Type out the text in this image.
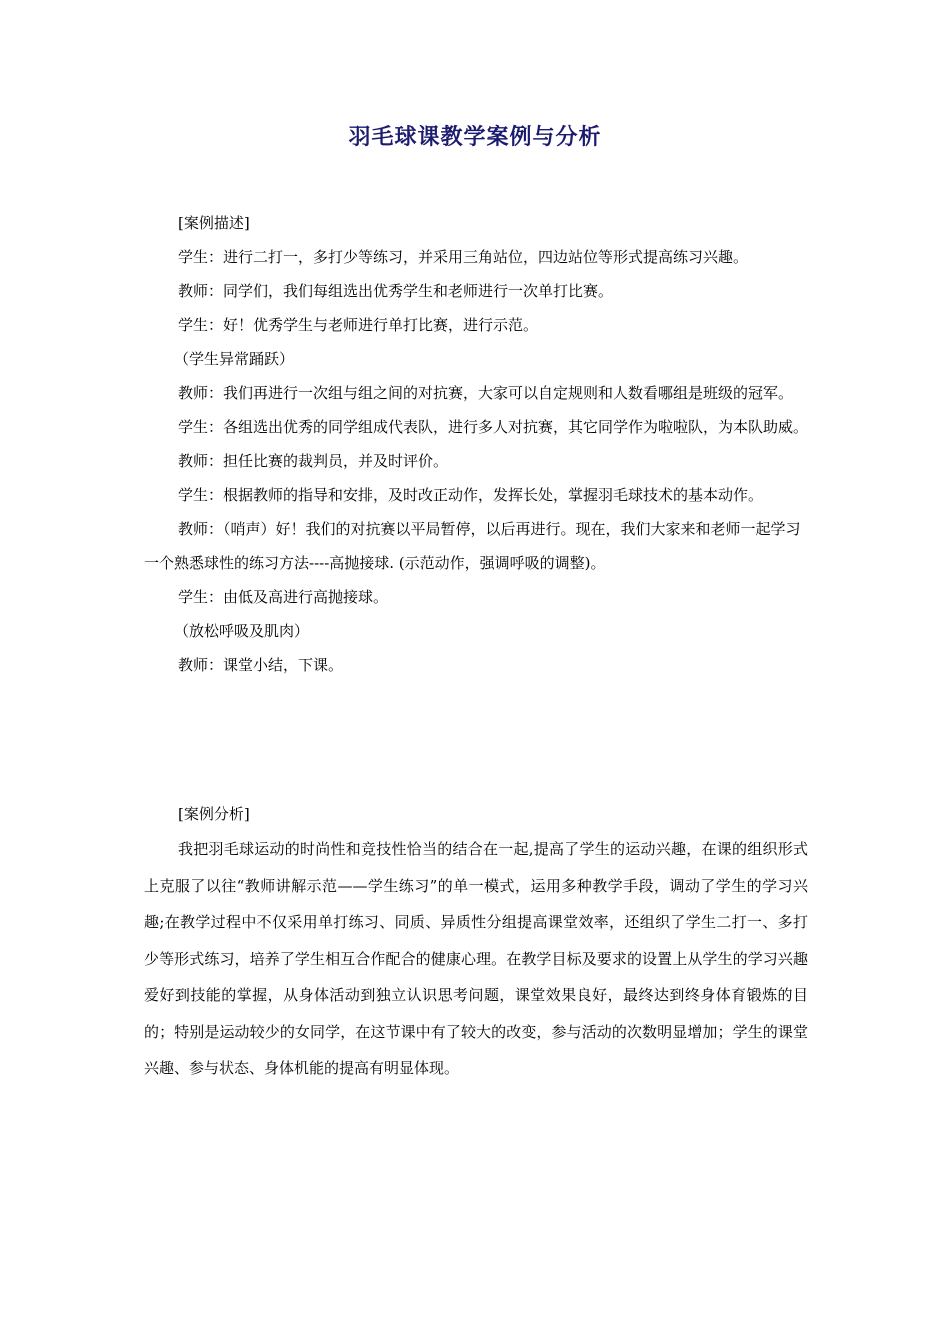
羽毛球课教学案例与分析

[案例描述]

学生：进行二打一，多打少等练习，并采用三角站位，四边站位等形式提高练习兴趣。

教师：同学们，我们每组选出优秀学生和老师进行一次单打比赛。

学生：好！优秀学生与老师进行单打比赛，进行示范。

（学生异常踊跃）

教师：我们再进行一次组与组之间的对抗赛，大家可以自定规则和人数看哪组是班级的冠军。

学生：各组选出优秀的同学组成代表队，进行多人对抗赛，其它同学作为啦啦队，为本队助威。

教师：担任比赛的裁判员，并及时评价。

学生：根据教师的指导和安排，及时改正动作，发挥长处，掌握羽毛球技术的基本动作。

教师：（哨声）好！我们的对抗赛以平局暂停，以后再进行。现在，我们大家来和老师一起学习一个熟悉球性的练习方法----高抛接球. (示范动作，强调呼吸的调整)。

学生：由低及高进行高抛接球。

（放松呼吸及肌肉）

教师：课堂小结，下课。

[案例分析]

我把羽毛球运动的时尚性和竞技性恰当的结合在一起,提高了学生的运动兴趣，在课的组织形式上克服了以往“教师讲解示范——学生练习”的单一模式，运用多种教学手段，调动了学生的学习兴趣;在教学过程中不仅采用单打练习、同质、异质性分组提高课堂效率，还组织了学生二打一、多打少等形式练习，培养了学生相互合作配合的健康心理。在教学目标及要求的设置上从学生的学习兴趣爱好到技能的掌握，从身体活动到独立认识思考问题，课堂效果良好，最终达到终身体育锻炼的目的；特别是运动较少的女同学，在这节课中有了较大的改变，参与活动的次数明显增加；学生的课堂兴趣、参与状态、身体机能的提高有明显体现。
